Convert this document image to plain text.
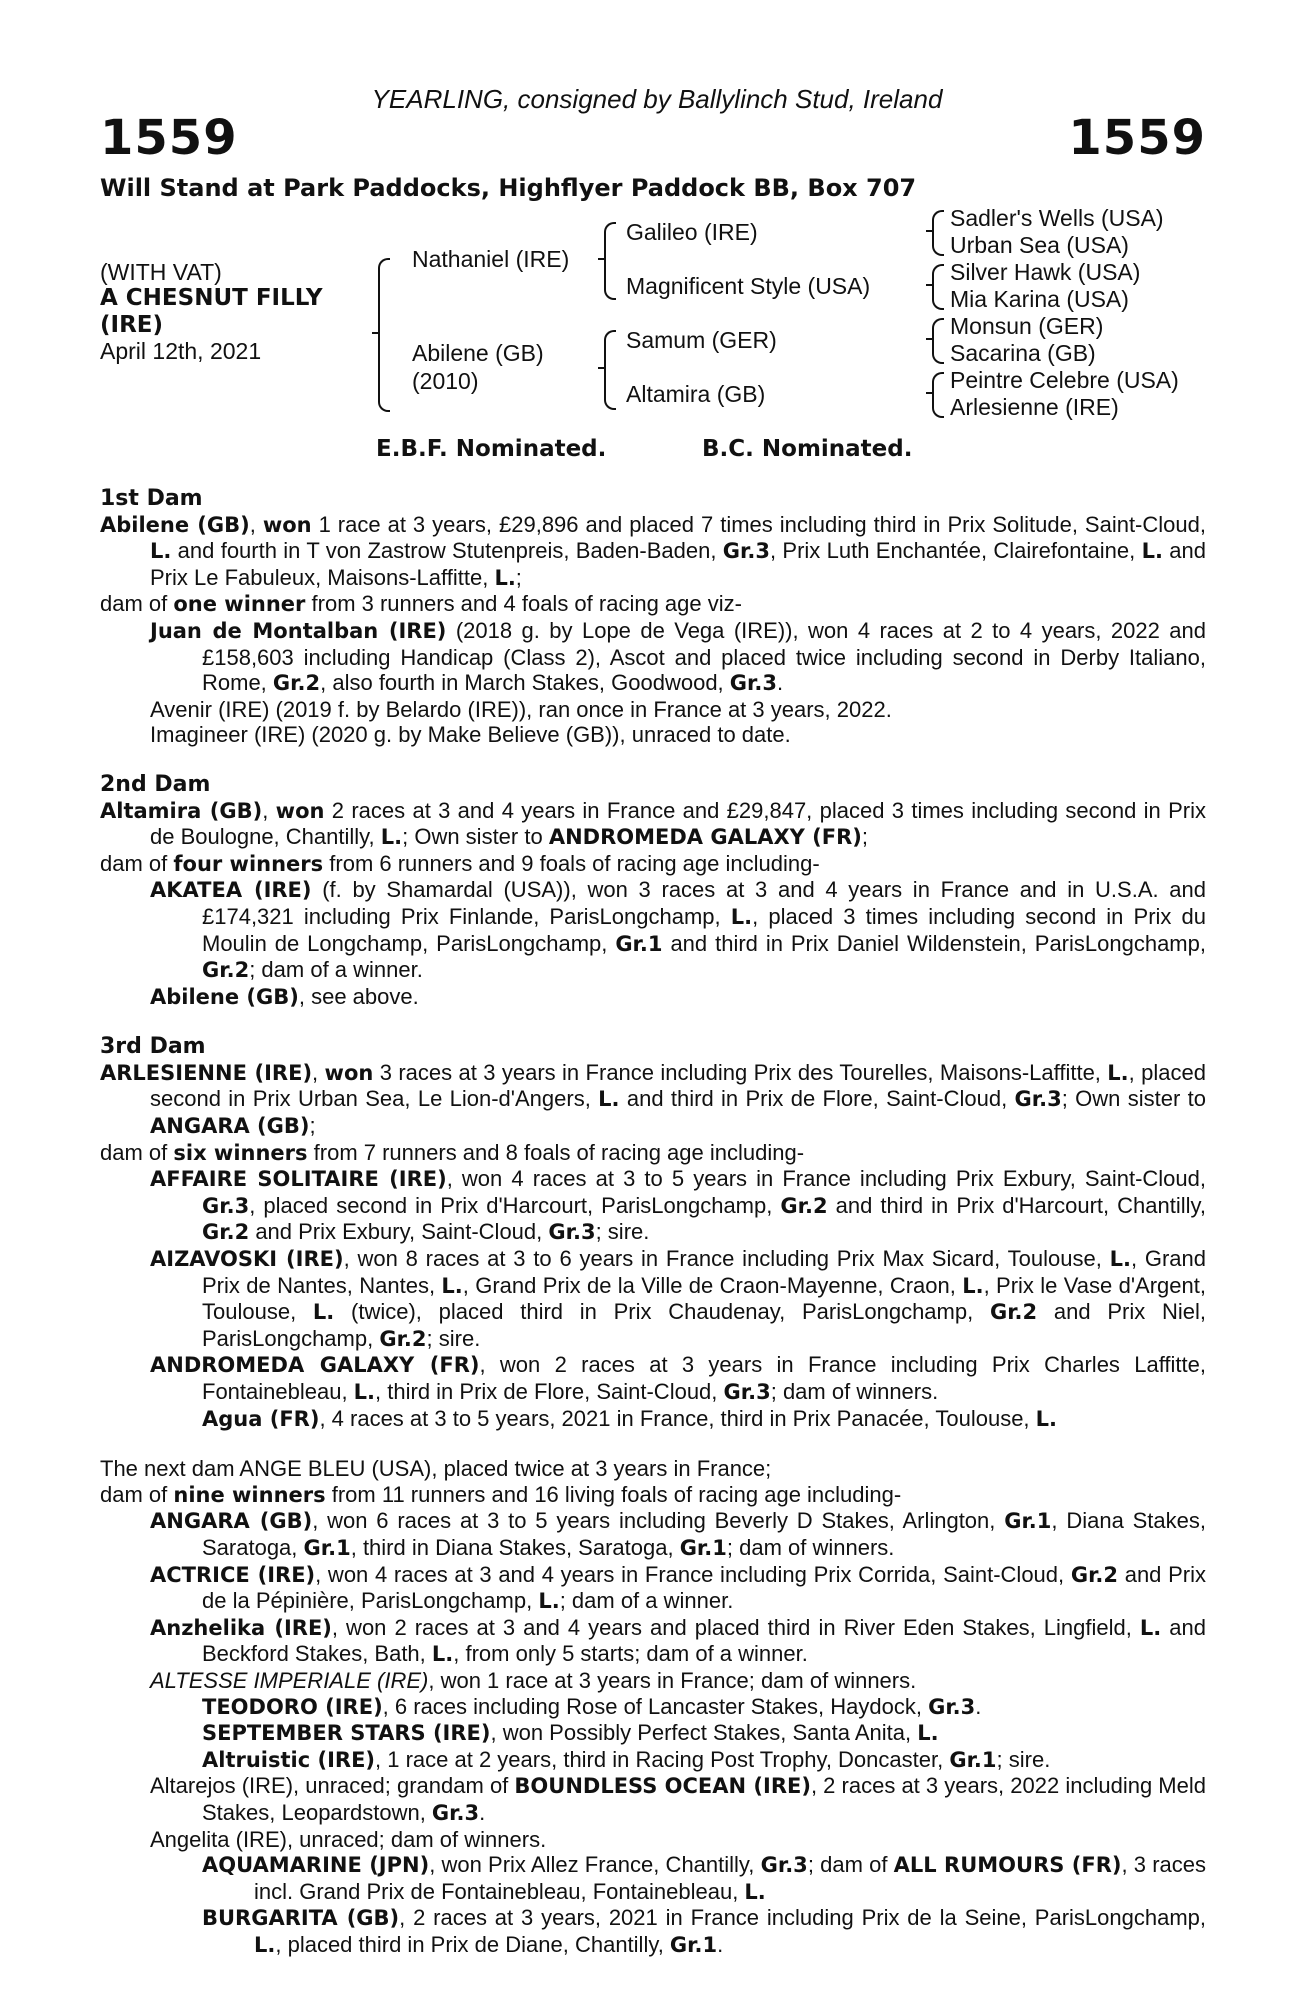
YEARLING, consigned by Ballylinch Stud, Ireland
1559	1559
Will Stand at Park Paddocks, Highflyer Paddock BB, Box 707
(WITH VAT)
A CHESNUT FILLY
(IRE)
April 12th, 2021
Nathaniel (IRE)
Abilene (GB)
(2010)
Galileo (IRE)
Magnificent Style (USA)
Samum (GER)
Altamira (GB)
Sadler's Wells (USA)
Urban Sea (USA)
Silver Hawk (USA)
Mia Karina (USA)
Monsun (GER)
Sacarina (GB)
Peintre Celebre (USA)
Arlesienne (IRE)
E.B.F. Nominated.	B.C. Nominated.
1st Dam
Abilene (GB), won 1 race at 3 years, £29,896 and placed 7 times including third in Prix Solitude, Saint-Cloud, L. and fourth in T von Zastrow Stutenpreis, Baden-Baden, Gr.3, Prix Luth Enchantée, Clairefontaine, L. and Prix Le Fabuleux, Maisons-Laffitte, L.;
dam of one winner from 3 runners and 4 foals of racing age viz-
Juan de Montalban (IRE) (2018 g. by Lope de Vega (IRE)), won 4 races at 2 to 4 years, 2022 and £158,603 including Handicap (Class 2), Ascot and placed twice including second in Derby Italiano, Rome, Gr.2, also fourth in March Stakes, Goodwood, Gr.3.
Avenir (IRE) (2019 f. by Belardo (IRE)), ran once in France at 3 years, 2022.
Imagineer (IRE) (2020 g. by Make Believe (GB)), unraced to date.
2nd Dam
Altamira (GB), won 2 races at 3 and 4 years in France and £29,847, placed 3 times including second in Prix de Boulogne, Chantilly, L.; Own sister to ANDROMEDA GALAXY (FR);
dam of four winners from 6 runners and 9 foals of racing age including-
AKATEA (IRE) (f. by Shamardal (USA)), won 3 races at 3 and 4 years in France and in U.S.A. and £174,321 including Prix Finlande, ParisLongchamp, L., placed 3 times including second in Prix du Moulin de Longchamp, ParisLongchamp, Gr.1 and third in Prix Daniel Wildenstein, ParisLongchamp, Gr.2; dam of a winner.
Abilene (GB), see above.
3rd Dam
ARLESIENNE (IRE), won 3 races at 3 years in France including Prix des Tourelles, Maisons-Laffitte, L., placed second in Prix Urban Sea, Le Lion-d'Angers, L. and third in Prix de Flore, Saint-Cloud, Gr.3; Own sister to ANGARA (GB);
dam of six winners from 7 runners and 8 foals of racing age including-
AFFAIRE SOLITAIRE (IRE), won 4 races at 3 to 5 years in France including Prix Exbury, Saint-Cloud, Gr.3, placed second in Prix d'Harcourt, ParisLongchamp, Gr.2 and third in Prix d'Harcourt, Chantilly, Gr.2 and Prix Exbury, Saint-Cloud, Gr.3; sire.
AIZAVOSKI (IRE), won 8 races at 3 to 6 years in France including Prix Max Sicard, Toulouse, L., Grand Prix de Nantes, Nantes, L., Grand Prix de la Ville de Craon-Mayenne, Craon, L., Prix le Vase d'Argent, Toulouse, L. (twice), placed third in Prix Chaudenay, ParisLongchamp, Gr.2 and Prix Niel, ParisLongchamp, Gr.2; sire.
ANDROMEDA GALAXY (FR), won 2 races at 3 years in France including Prix Charles Laffitte, Fontainebleau, L., third in Prix de Flore, Saint-Cloud, Gr.3; dam of winners.
Agua (FR), 4 races at 3 to 5 years, 2021 in France, third in Prix Panacée, Toulouse, L.
The next dam ANGE BLEU (USA), placed twice at 3 years in France;
dam of nine winners from 11 runners and 16 living foals of racing age including-
ANGARA (GB), won 6 races at 3 to 5 years including Beverly D Stakes, Arlington, Gr.1, Diana Stakes, Saratoga, Gr.1, third in Diana Stakes, Saratoga, Gr.1; dam of winners.
ACTRICE (IRE), won 4 races at 3 and 4 years in France including Prix Corrida, Saint-Cloud, Gr.2 and Prix de la Pépinière, ParisLongchamp, L.; dam of a winner.
Anzhelika (IRE), won 2 races at 3 and 4 years and placed third in River Eden Stakes, Lingfield, L. and Beckford Stakes, Bath, L., from only 5 starts; dam of a winner.
ALTESSE IMPERIALE (IRE), won 1 race at 3 years in France; dam of winners.
TEODORO (IRE), 6 races including Rose of Lancaster Stakes, Haydock, Gr.3.
SEPTEMBER STARS (IRE), won Possibly Perfect Stakes, Santa Anita, L.
Altruistic (IRE), 1 race at 2 years, third in Racing Post Trophy, Doncaster, Gr.1; sire.
Altarejos (IRE), unraced; grandam of BOUNDLESS OCEAN (IRE), 2 races at 3 years, 2022 including Meld Stakes, Leopardstown, Gr.3.
Angelita (IRE), unraced; dam of winners.
AQUAMARINE (JPN), won Prix Allez France, Chantilly, Gr.3; dam of ALL RUMOURS (FR), 3 races incl. Grand Prix de Fontainebleau, Fontainebleau, L.
BURGARITA (GB), 2 races at 3 years, 2021 in France including Prix de la Seine, ParisLongchamp, L., placed third in Prix de Diane, Chantilly, Gr.1.
